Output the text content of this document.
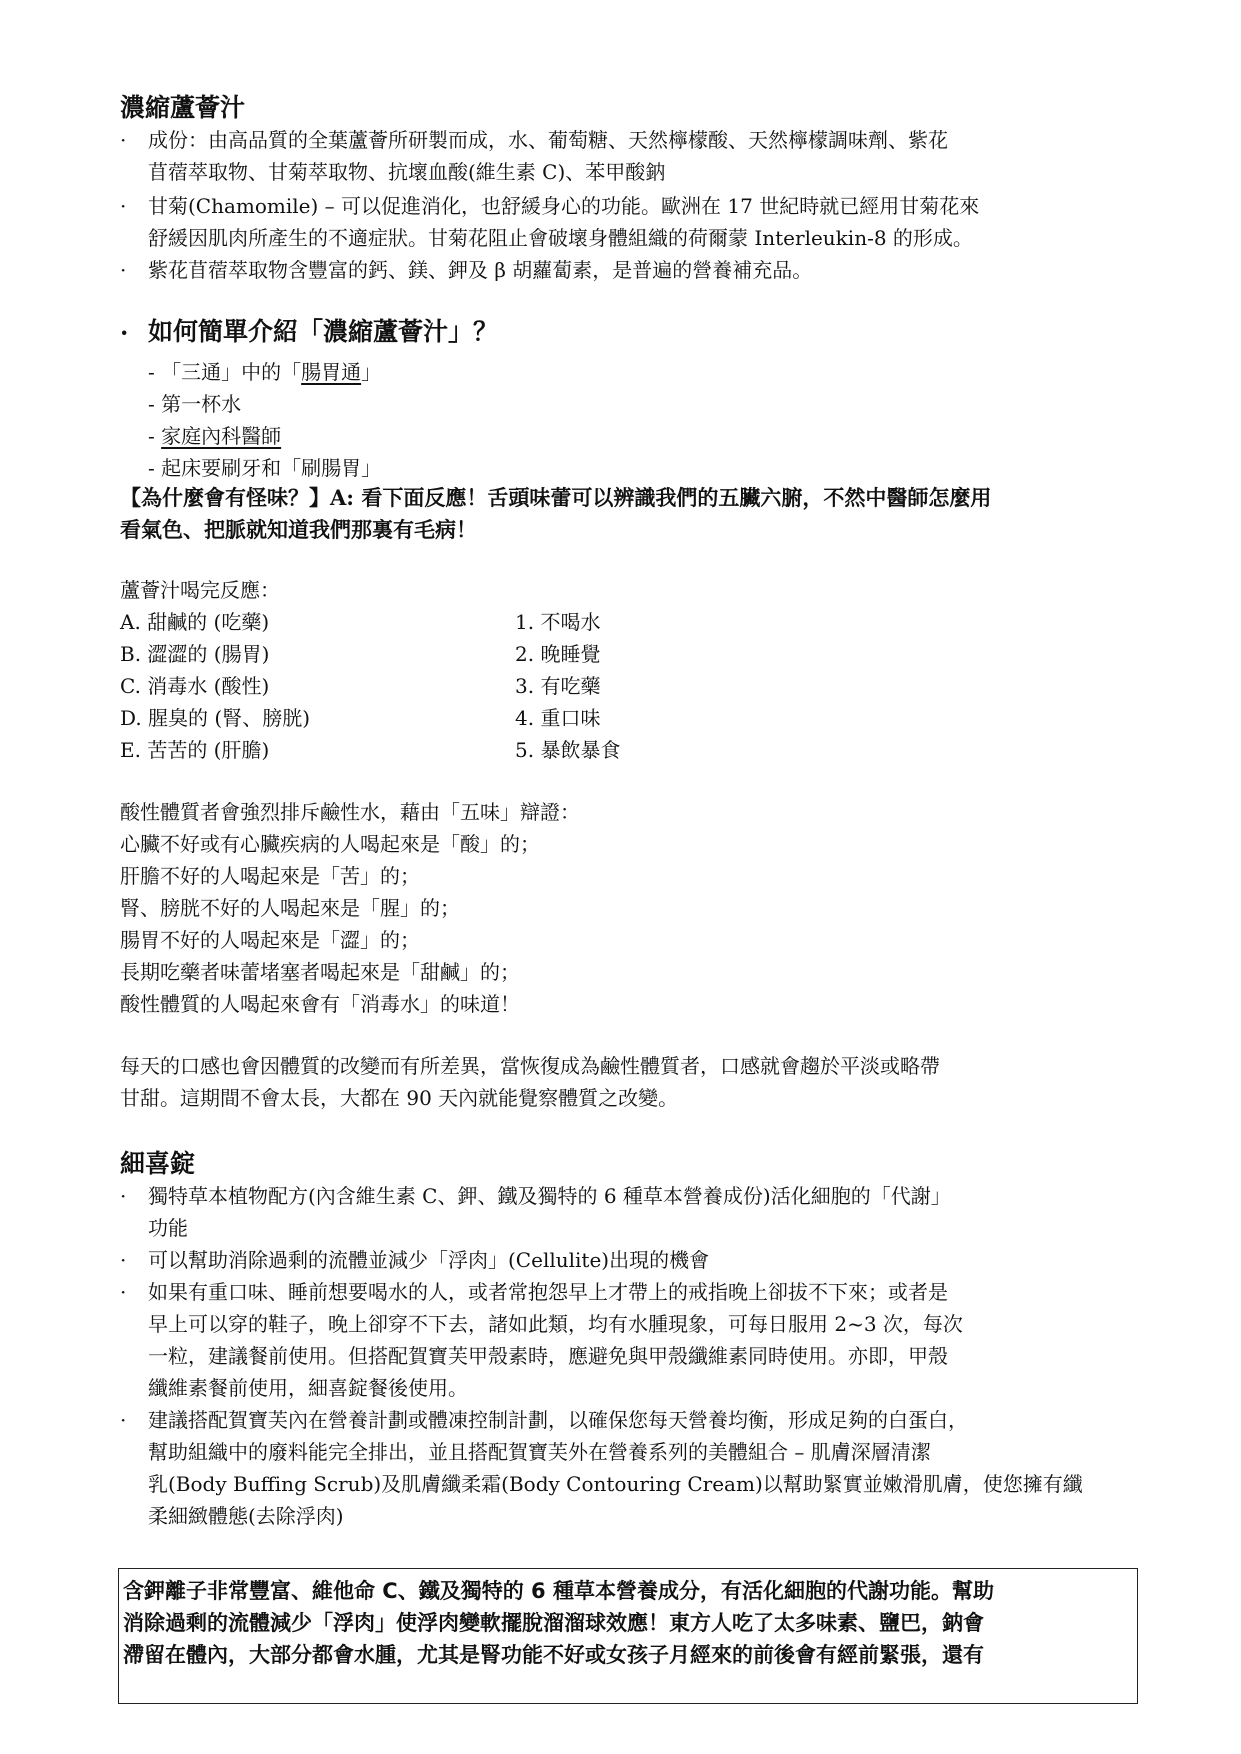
濃縮蘆薈汁
· 成份：由高品質的全葉蘆薈所研製而成，水、葡萄糖、天然檸檬酸、天然檸檬調味劑、紫花
苜蓿萃取物、甘菊萃取物、抗壞血酸(維生素 C)、苯甲酸鈉
· 甘菊(Chamomile) – 可以促進消化，也舒緩身心的功能。歐洲在 17 世紀時就已經用甘菊花來
舒緩因肌肉所產生的不適症狀。甘菊花阻止會破壞身體組織的荷爾蒙 Interleukin-8 的形成。
· 紫花苜蓿萃取物含豐富的鈣、鎂、鉀及 β 胡蘿蔔素，是普遍的營養補充品。
· 如何簡單介紹「濃縮蘆薈汁」？
- 「三通」中的「腸胃通」
- 第一杯水
- 家庭內科醫師
- 起床要刷牙和「刷腸胃」
【為什麼會有怪味？】A: 看下面反應！舌頭味蕾可以辨識我們的五臟六腑，不然中醫師怎麼用
看氣色、把脈就知道我們那裏有毛病！
蘆薈汁喝完反應：
A. 甜鹹的 (吃藥)
B. 澀澀的 (腸胃)
C. 消毒水 (酸性)
D. 腥臭的 (腎、膀胱)
E. 苦苦的 (肝膽)
1. 不喝水
2. 晚睡覺
3. 有吃藥
4. 重口味
5. 暴飲暴食
酸性體質者會強烈排斥鹼性水，藉由「五味」辯證：
心臟不好或有心臟疾病的人喝起來是「酸」的；
肝膽不好的人喝起來是「苦」的；
腎、膀胱不好的人喝起來是「腥」的；
腸胃不好的人喝起來是「澀」的；
長期吃藥者味蕾堵塞者喝起來是「甜鹹」的；
酸性體質的人喝起來會有「消毒水」的味道！
每天的口感也會因體質的改變而有所差異，當恢復成為鹼性體質者，口感就會趨於平淡或略帶
甘甜。這期間不會太長，大都在 90 天內就能覺察體質之改變。
細喜錠
· 獨特草本植物配方(內含維生素 C、鉀、鐵及獨特的 6 種草本營養成份)活化細胞的「代謝」
功能
· 可以幫助消除過剩的流體並減少「浮肉」(Cellulite)出現的機會
· 如果有重口味、睡前想要喝水的人，或者常抱怨早上才帶上的戒指晚上卻拔不下來；或者是
早上可以穿的鞋子，晚上卻穿不下去，諸如此類，均有水腫現象，可每日服用 2~3 次，每次
一粒，建議餐前使用。但搭配賀寶芙甲殼素時，應避免與甲殼纖維素同時使用。亦即，甲殼
纖維素餐前使用，細喜錠餐後使用。
· 建議搭配賀寶芙內在營養計劃或體凍控制計劃，以確保您每天營養均衡，形成足夠的白蛋白，
幫助組織中的廢料能完全排出，並且搭配賀寶芙外在營養系列的美體組合 – 肌膚深層清潔
乳(Body Buffing Scrub)及肌膚纖柔霜(Body Contouring Cream)以幫助緊實並嫩滑肌膚，使您擁有纖
柔細緻體態(去除浮肉)
含鉀離子非常豐富、維他命 C、鐵及獨特的 6 種草本營養成分，有活化細胞的代謝功能。幫助
消除過剩的流體減少「浮肉」使浮肉變軟擺脫溜溜球效應！東方人吃了太多味素、鹽巴，鈉會
滯留在體內，大部分都會水腫，尤其是腎功能不好或女孩子月經來的前後會有經前緊張，還有
